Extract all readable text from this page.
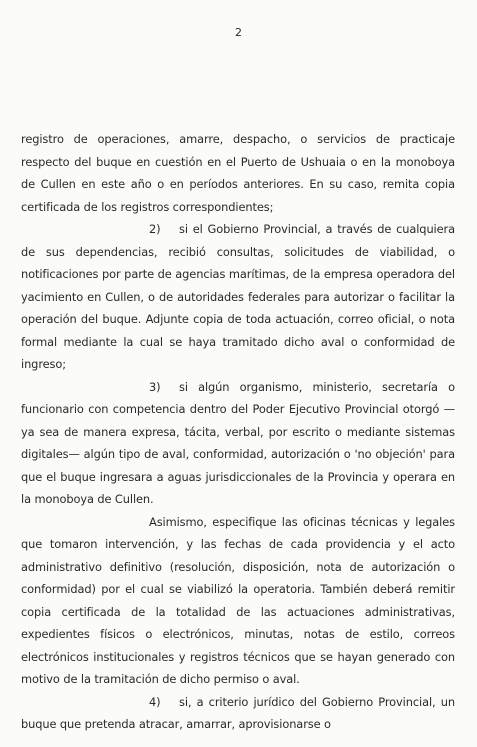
2

registro de operaciones, amarre, despacho, o servicios de practicaje respecto del buque en cuestión en el Puerto de Ushuaia o en la monoboya de Cullen en este año o en períodos anteriores. En su caso, remita copia certificada de los registros correspondientes;

2) si el Gobierno Provincial, a través de cualquiera de sus dependencias, recibió consultas, solicitudes de viabilidad, o notificaciones por parte de agencias marítimas, de la empresa operadora del yacimiento en Cullen, o de autoridades federales para autorizar o facilitar la operación del buque. Adjunte copia de toda actuación, correo oficial, o nota formal mediante la cual se haya tramitado dicho aval o conformidad de ingreso;

3) si algún organismo, ministerio, secretaría o funcionario con competencia dentro del Poder Ejecutivo Provincial otorgó —ya sea de manera expresa, tácita, verbal, por escrito o mediante sistemas digitales— algún tipo de aval, conformidad, autorización o 'no objeción' para que el buque ingresara a aguas jurisdiccionales de la Provincia y operara en la monoboya de Cullen.

Asimismo, especifique las oficinas técnicas y legales que tomaron intervención, y las fechas de cada providencia y el acto administrativo definitivo (resolución, disposición, nota de autorización o conformidad) por el cual se viabilizó la operatoria. También deberá remitir copia certificada de la totalidad de las actuaciones administrativas, expedientes físicos o electrónicos, minutas, notas de estilo, correos electrónicos institucionales y registros técnicos que se hayan generado con motivo de la tramitación de dicho permiso o aval.

4) si, a criterio jurídico del Gobierno Provincial, un buque que pretenda atracar, amarrar, aprovisionarse o
